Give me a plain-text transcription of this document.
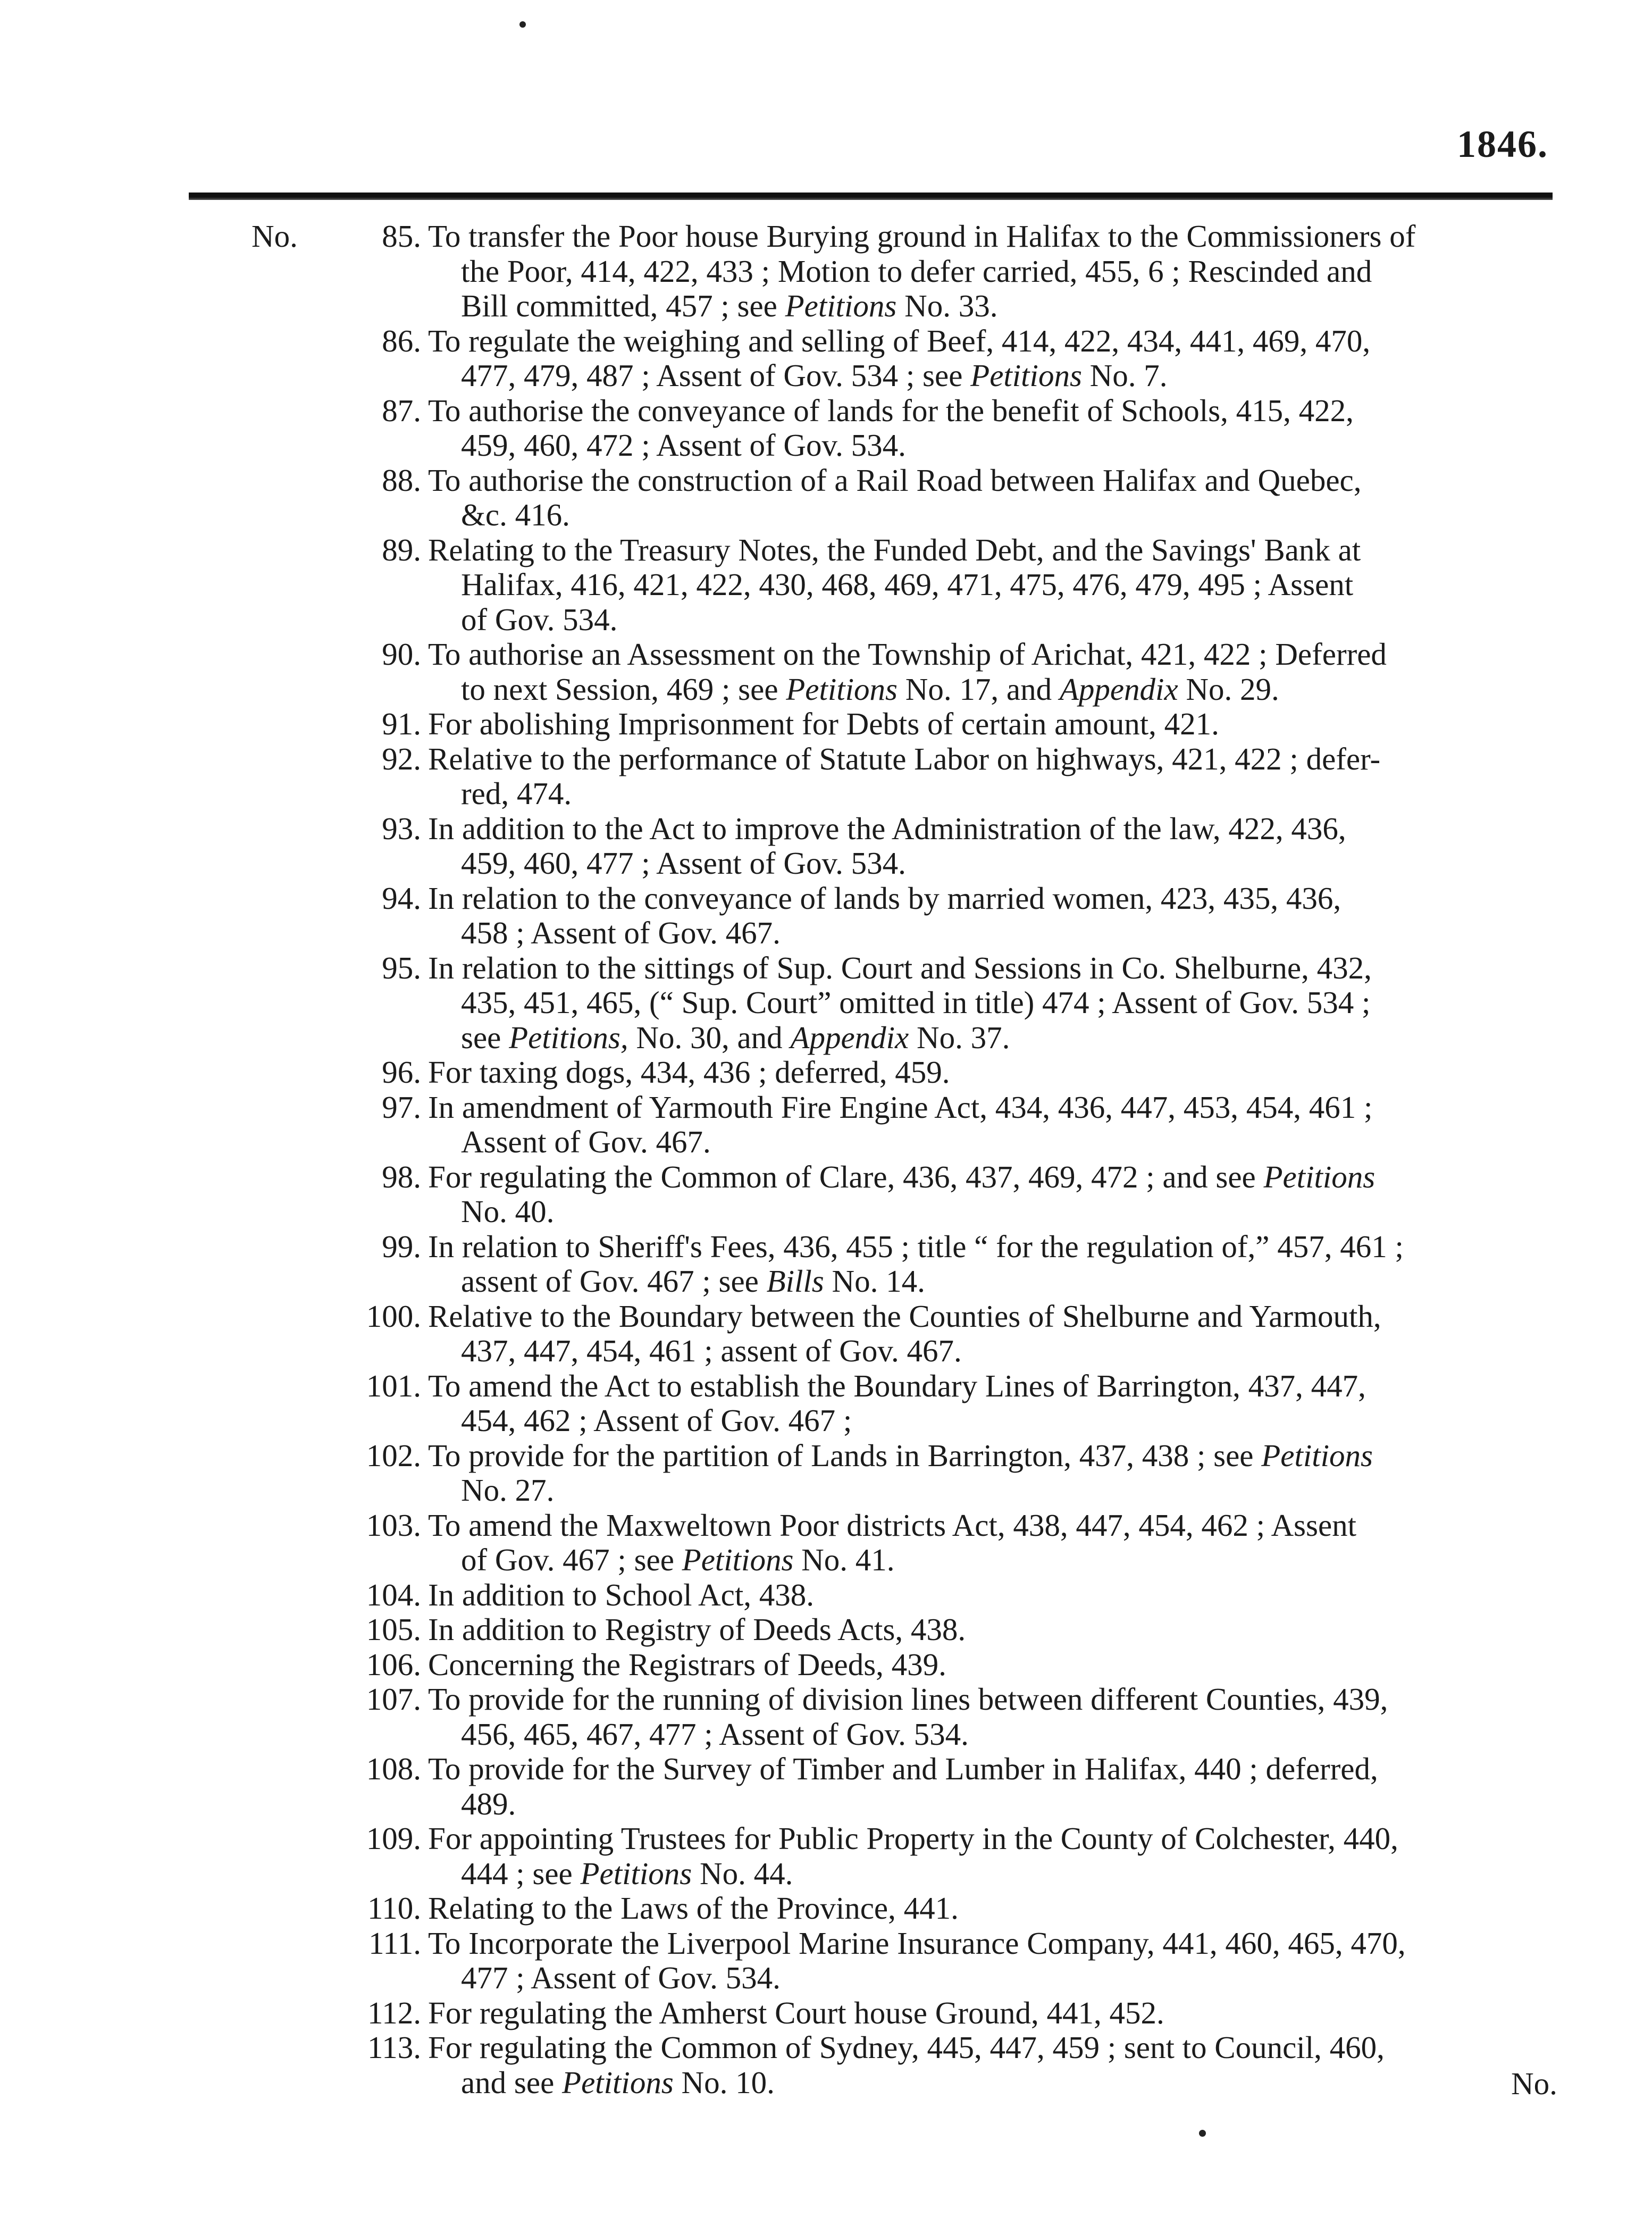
1846.
No.	85. To transfer the Poor house Burying ground in Halifax to the Commissioners of
the Poor, 414, 422, 433 ; Motion to defer carried, 455, 6 ; Rescinded and
Bill committed, 457 ; see Petitions No. 33.
86. To regulate the weighing and selling of Beef, 414, 422, 434, 441, 469, 470,
477, 479, 487 ; Assent of Gov. 534 ; see Petitions No. 7.
87. To authorise the conveyance of lands for the benefit of Schools, 415, 422,
459, 460, 472 ; Assent of Gov. 534.
88. To authorise the construction of a Rail Road between Halifax and Quebec,
&c. 416.
89. Relating to the Treasury Notes, the Funded Debt, and the Savings' Bank at
Halifax, 416, 421, 422, 430, 468, 469, 471, 475, 476, 479, 495 ; Assent
of Gov. 534.
90. To authorise an Assessment on the Township of Arichat, 421, 422 ; Deferred
to next Session, 469 ; see Petitions No. 17, and Appendix No. 29.
91. For abolishing Imprisonment for Debts of certain amount, 421.
92. Relative to the performance of Statute Labor on highways, 421, 422 ; defer-
red, 474.
93. In addition to the Act to improve the Administration of the law, 422, 436,
459, 460, 477 ; Assent of Gov. 534.
94. In relation to the conveyance of lands by married women, 423, 435, 436,
458 ; Assent of Gov. 467.
95. In relation to the sittings of Sup. Court and Sessions in Co. Shelburne, 432,
435, 451, 465, (“ Sup. Court” omitted in title) 474 ; Assent of Gov. 534 ;
see Petitions, No. 30, and Appendix No. 37.
96. For taxing dogs, 434, 436 ; deferred, 459.
97. In amendment of Yarmouth Fire Engine Act, 434, 436, 447, 453, 454, 461 ;
Assent of Gov. 467.
98. For regulating the Common of Clare, 436, 437, 469, 472 ; and see Petitions
No. 40.
99. In relation to Sheriff's Fees, 436, 455 ; title “ for the regulation of,” 457, 461 ;
assent of Gov. 467 ; see Bills No. 14.
100. Relative to the Boundary between the Counties of Shelburne and Yarmouth,
437, 447, 454, 461 ; assent of Gov. 467.
101. To amend the Act to establish the Boundary Lines of Barrington, 437, 447,
454, 462 ; Assent of Gov. 467 ;
102. To provide for the partition of Lands in Barrington, 437, 438 ; see Petitions
No. 27.
103. To amend the Maxweltown Poor districts Act, 438, 447, 454, 462 ; Assent
of Gov. 467 ; see Petitions No. 41.
104. In addition to School Act, 438.
105. In addition to Registry of Deeds Acts, 438.
106. Concerning the Registrars of Deeds, 439.
107. To provide for the running of division lines between different Counties, 439,
456, 465, 467, 477 ; Assent of Gov. 534.
108. To provide for the Survey of Timber and Lumber in Halifax, 440 ; deferred,
489.
109. For appointing Trustees for Public Property in the County of Colchester, 440,
444 ; see Petitions No. 44.
110. Relating to the Laws of the Province, 441.
111. To Incorporate the Liverpool Marine Insurance Company, 441, 460, 465, 470,
477 ; Assent of Gov. 534.
112. For regulating the Amherst Court house Ground, 441, 452.
113. For regulating the Common of Sydney, 445, 447, 459 ; sent to Council, 460,
and see Petitions No. 10.	No.
